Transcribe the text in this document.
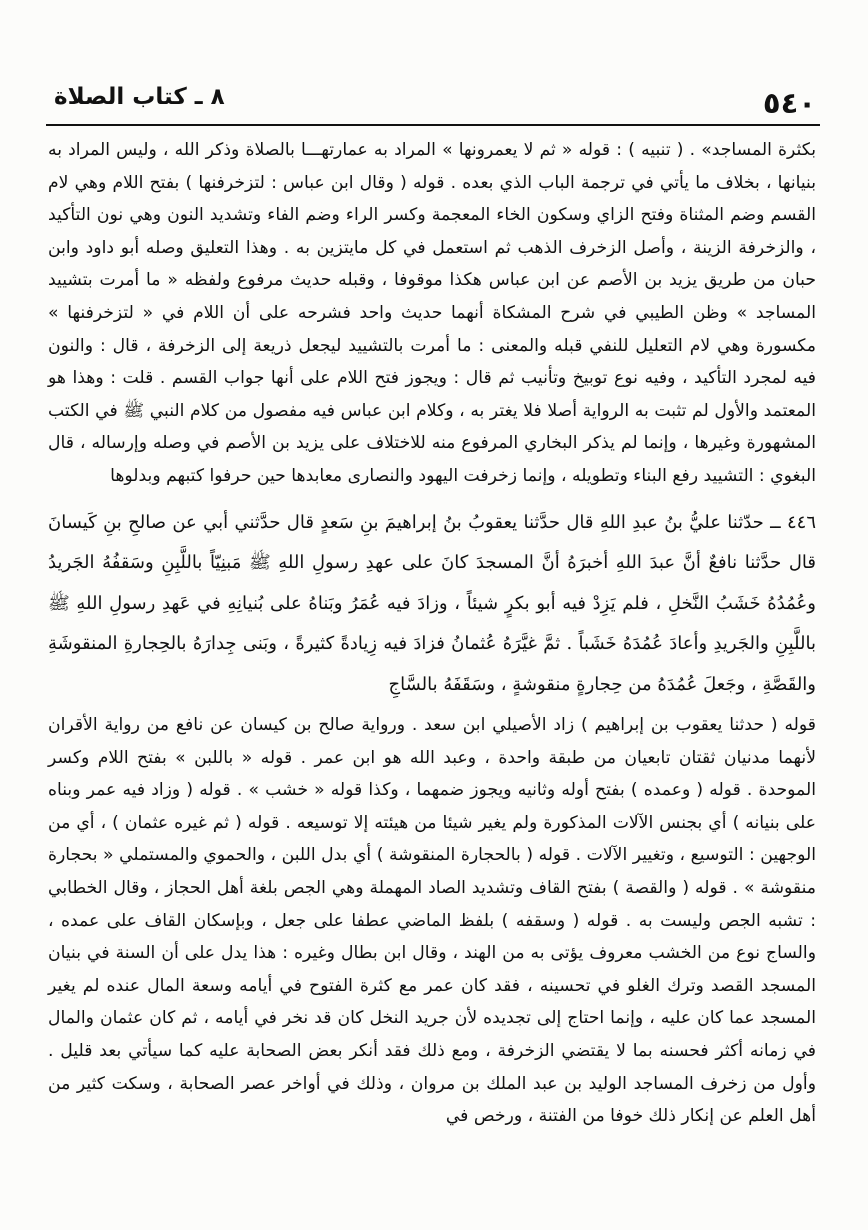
٥٤٠
٨ ـ كتاب الصلاة

بكثرة المساجد» . ( تنبيه ) : قوله « ثم لا يعمرونها » المراد به عمارتهـــا بالصلاة وذكر الله ، وليس المراد به بنيانها ، بخلاف ما يأتي في ترجمة الباب الذي بعده . قوله ( وقال ابن عباس : لتزخرفنها ) بفتح اللام وهي لام القسم وضم المثناة وفتح الزاي وسكون الخاء المعجمة وكسر الراء وضم الفاء وتشديد النون وهي نون التأكيد ، والزخرفة الزينة ، وأصل الزخرف الذهب ثم استعمل في كل مايتزين به . وهذا التعليق وصله أبو داود وابن حبان من طريق يزيد بن الأصم عن ابن عباس هكذا موقوفا ، وقبله حديث مرفوع ولفظه « ما أمرت بتشييد المساجد » وظن الطيبي في شرح المشكاة أنهما حديث واحد فشرحه على أن اللام في « لتزخرفنها » مكسورة وهي لام التعليل للنفي قبله والمعنى : ما أمرت بالتشييد ليجعل ذريعة إلى الزخرفة ، قال : والنون فيه لمجرد التأكيد ، وفيه نوع توبيخ وتأنيب ثم قال : ويجوز فتح اللام على أنها جواب القسم . قلت : وهذا هو المعتمد والأول لم تثبت به الرواية أصلا فلا يغتر به ، وكلام ابن عباس فيه مفصول من كلام النبي ﷺ في الكتب المشهورة وغيرها ، وإنما لم يذكر البخاري المرفوع منه للاختلاف على يزيد بن الأصم في وصله وإرساله ، قال البغوي : التشييد رفع البناء وتطويله ، وإنما زخرفت اليهود والنصارى معابدها حين حرفوا كتبهم وبدلوها

٤٤٦ ــ حدّثنا عليُّ بنُ عبدِ اللهِ قال حدَّثنا يعقوبُ بنُ إبراهيمَ بنِ سَعدٍ قال حدَّثني أبي عن صالحِ بنِ كَيسانَ قال حدَّثنا نافعٌ أنَّ عبدَ اللهِ أخبرَهُ أنَّ المسجدَ كانَ على عهدِ رسولِ اللهِ ﷺ مَبنِيّاً باللَّبِنِ وسَقفُهُ الجَريدُ وعُمُدُهُ خَشَبُ النَّخلِ ، فلم يَزِدْ فيه أبو بكرٍ شيئاً ، وزادَ فيه عُمَرُ وبَناهُ على بُنيانِهِ في عَهدِ رسولِ اللهِ ﷺ باللَّبِنِ والجَريدِ وأعادَ عُمُدَهُ خَشَباً . ثمَّ غيَّرَهُ عُثمانُ فزادَ فيه زِيادةً كثيرةً ، وبَنى جِدارَهُ بالحِجارةِ المنقوشَةِ والقَصَّةِ ، وجَعلَ عُمُدَهُ من حِجارةٍ منقوشةٍ ، وسَقَفَهُ بالسَّاجِ

قوله ( حدثنا يعقوب بن إبراهيم ) زاد الأصيلي ابن سعد . ورواية صالح بن كيسان عن نافع من رواية الأقران لأنهما مدنيان ثقتان تابعيان من طبقة واحدة ، وعبد الله هو ابن عمر . قوله « باللبن » بفتح اللام وكسر الموحدة . قوله ( وعمده ) بفتح أوله وثانيه ويجوز ضمهما ، وكذا قوله « خشب » . قوله ( وزاد فيه عمر وبناه على بنيانه ) أي بجنس الآلات المذكورة ولم يغير شيئا من هيئته إلا توسيعه . قوله ( ثم غيره عثمان ) ، أي من الوجهين : التوسيع ، وتغيير الآلات . قوله ( بالحجارة المنقوشة ) أي بدل اللبن ، والحموي والمستملي « بحجارة منقوشة » . قوله ( والقصة ) بفتح القاف وتشديد الصاد المهملة وهي الجص بلغة أهل الحجاز ، وقال الخطابي : تشبه الجص وليست به . قوله ( وسقفه ) بلفظ الماضي عطفا على جعل ، وبإسكان القاف على عمده ، والساج نوع من الخشب معروف يؤتى به من الهند ، وقال ابن بطال وغيره : هذا يدل على أن السنة في بنيان المسجد القصد وترك الغلو في تحسينه ، فقد كان عمر مع كثرة الفتوح في أيامه وسعة المال عنده لم يغير المسجد عما كان عليه ، وإنما احتاج إلى تجديده لأن جريد النخل كان قد نخر في أيامه ، ثم كان عثمان والمال في زمانه أكثر فحسنه بما لا يقتضي الزخرفة ، ومع ذلك فقد أنكر بعض الصحابة عليه كما سيأتي بعد قليل . وأول من زخرف المساجد الوليد بن عبد الملك بن مروان ، وذلك في أواخر عصر الصحابة ، وسكت كثير من أهل العلم عن إنكار ذلك خوفا من الفتنة ، ورخص في
